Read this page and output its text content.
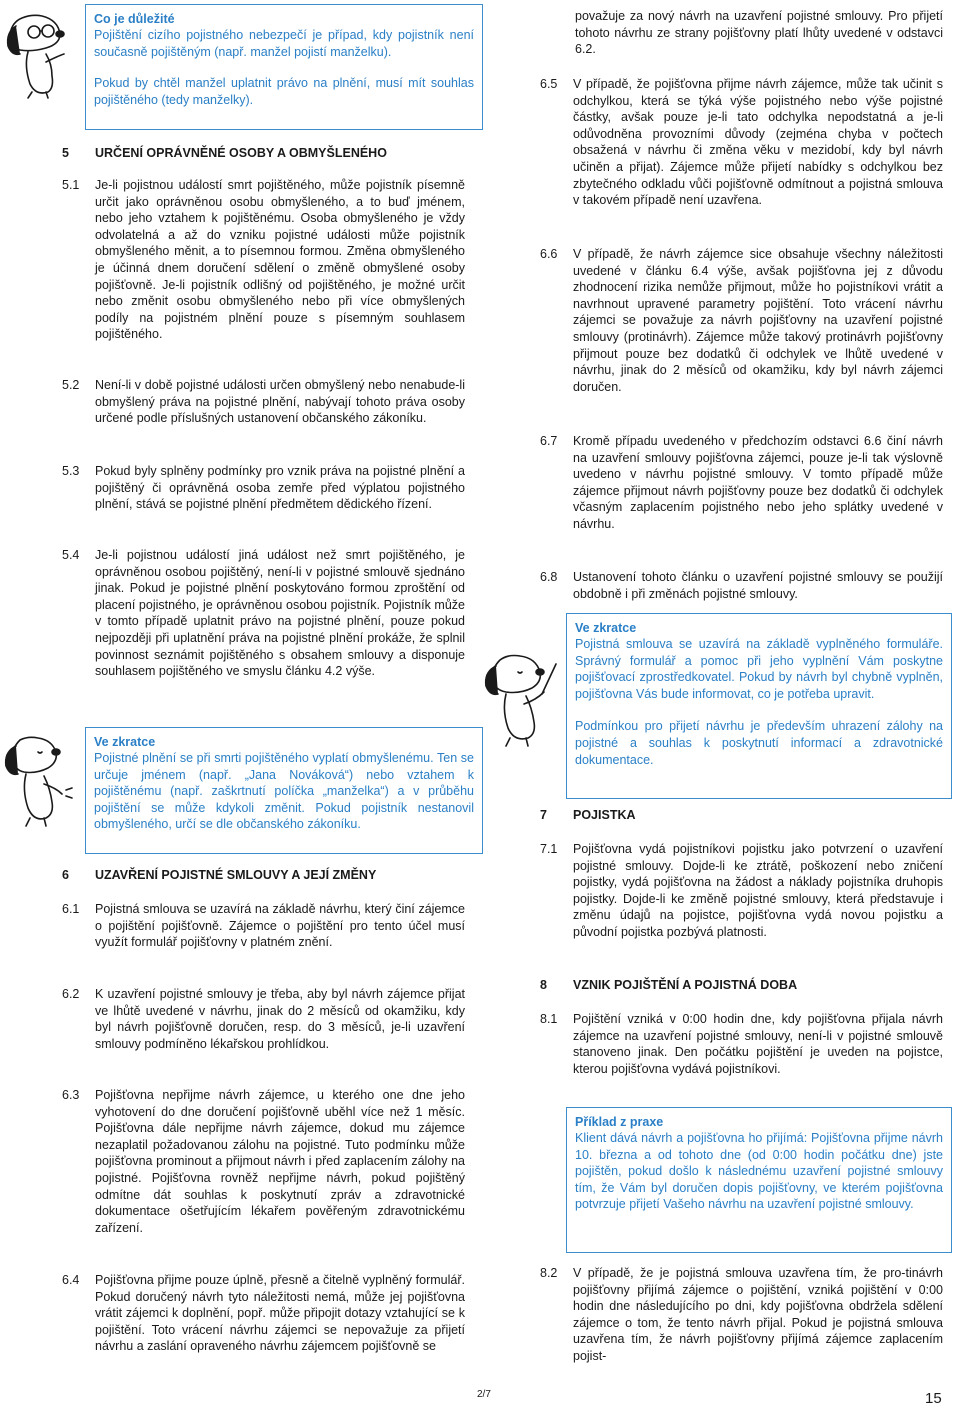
Co je důležité

Pojištění cizího pojistného nebezpečí je případ, kdy pojistník není současně pojištěným (např. manžel pojistí manželku).

Pokud by chtěl manžel uplatnit právo na plnění, musí mít souhlas pojištěného (tedy manželky).

5 URČENÍ OPRÁVNĚNÉ OSOBY A OBMYŠLENÉHO
5.1 Je-li pojistnou událostí smrt pojištěného, může pojistník písemně určit jako oprávněnou osobu obmyšleného, a to buď jménem, nebo jeho vztahem k pojištěnému. Osoba obmyšleného je vždy odvolatelná a až do vzniku pojistné události může pojistník obmyšleného měnit, a to písemnou formou. Změna obmyšleného je účinná dnem doručení sdělení o změně obmyšlené osoby pojišťovně. Je-li pojistník odlišný od pojištěného, je možné určit nebo změnit osobu obmyšleného nebo při více obmyšlených podíly na pojistném plnění pouze s písemným souhlasem pojištěného.
5.2 Není-li v době pojistné události určen obmyšlený nebo nenabude-li obmyšlený práva na pojistné plnění, nabývají tohoto práva osoby určené podle příslušných ustanovení občanského zákoníku.
5.3 Pokud byly splněny podmínky pro vznik práva na pojistné plnění a pojištěný či oprávněná osoba zemře před výplatou pojistného plnění, stává se pojistné plnění předmětem dědického řízení.
5.4 Je-li pojistnou událostí jiná událost než smrt pojištěného, je oprávněnou osobou pojištěný, není-li v pojistné smlouvě sjednáno jinak. Pokud je pojistné plnění poskytováno formou zproštění od placení pojistného, je oprávněnou osobou pojistník. Pojistník může v tomto případě uplatnit právo na pojistné plnění, pouze pokud nejpozději při uplatnění práva na pojistné plnění prokáže, že splnil povinnost seznámit pojištěného s obsahem smlouvy a disponuje souhlasem pojištěného ve smyslu článku 4.2 výše.
Ve zkratce

Pojistné plnění se při smrti pojištěného vyplatí obmyšlenému. Ten se určuje jménem (např. „Jana Nováková“) nebo vztahem k pojištěnému (např. zaškrtnutí políčka „manželka“) a v průběhu pojištění se může kdykoli změnit. Pokud pojistník nestanovil obmyšleného, určí se dle občanského zákoníku.

6 UZAVŘENÍ POJISTNÉ SMLOUVY A JEJÍ ZMĚNY
6.1 Pojistná smlouva se uzavírá na základě návrhu, který činí zájemce o pojištění pojišťovně. Zájemce o pojištění pro tento účel musí využít formulář pojišťovny v platném znění.
6.2 K uzavření pojistné smlouvy je třeba, aby byl návrh zájemce přijat ve lhůtě uvedené v návrhu, jinak do 2 měsíců od okamžiku, kdy byl návrh pojišťovně doručen, resp. do 3 měsíců, je-li uzavření smlouvy podmíněno lékařskou prohlídkou.
6.3 Pojišťovna nepřijme návrh zájemce, u kterého one dne jeho vyhotovení do dne doručení pojišťovně uběhl více než 1 měsíc. Pojišťovna dále nepřijme návrh zájemce, dokud mu zájemce nezaplatil požadovanou zálohu na pojistné. Tuto podmínku může pojišťovna prominout a přijmout návrh i před zaplacením zálohy na pojistné. Pojišťovna rovněž nepřijme návrh, pokud pojištěný odmítne dát souhlas k poskytnutí zpráv a zdravotnické dokumentace ošetřujícím lékařem pověřeným zdravotnickému zařízení.
6.4 Pojišťovna přijme pouze úplně, přesně a čitelně vyplněný formulář. Pokud doručený návrh tyto náležitosti nemá, může jej pojišťovna vrátit zájemci k doplnění, popř. může připojit dotazy vztahující se k pojištění. Toto vrácení návrhu zájemci se nepovažuje za přijetí návrhu a zaslání opraveného návrhu zájemcem pojišťovně se
považuje za nový návrh na uzavření pojistné smlouvy. Pro přijetí tohoto návrhu ze strany pojišťovny platí lhůty uvedené v odstavci 6.2.
6.5 V případě, že pojišťovna přijme návrh zájemce, může tak učinit s odchylkou, která se týká výše pojistného nebo výše pojistné částky, avšak pouze je-li tato odchylka nepodstatná a je-li odůvodněna provozními důvody (zejména chyba v počtech obsažená v návrhu či změna věku v mezidobí, kdy byl návrh učiněn a přijat). Zájemce může přijetí nabídky s odchylkou bez zbytečného odkladu vůči pojišťovně odmítnout a pojistná smlouva v takovém případě není uzavřena.
6.6 V případě, že návrh zájemce sice obsahuje všechny náležitosti uvedené v článku 6.4 výše, avšak pojišťovna jej z důvodu zhodnocení rizika nemůže přijmout, může ho pojistníkovi vrátit a navrhnout upravené parametry pojištění. Toto vrácení návrhu zájemci se považuje za návrh pojišťovny na uzavření pojistné smlouvy (protinávrh). Zájemce může takový protinávrh pojišťovny přijmout pouze bez dodatků či odchylek ve lhůtě uvedené v návrhu, jinak do 2 měsíců od okamžiku, kdy byl návrh zájemci doručen.
6.7 Kromě případu uvedeného v předchozím odstavci 6.6 činí návrh na uzavření smlouvy pojišťovna zájemci, pouze je-li tak výslovně uvedeno v návrhu pojistné smlouvy. V tomto případě může zájemce přijmout návrh pojišťovny pouze bez dodatků či odchylek včasným zaplacením pojistného nebo jeho splátky uvedené v návrhu.
6.8 Ustanovení tohoto článku o uzavření pojistné smlouvy se použijí obdobně i při změnách pojistné smlouvy.
Ve zkratce

Pojistná smlouva se uzavírá na základě vyplněného formuláře. Správný formulář a pomoc při jeho vyplnění Vám poskytne pojišťovací zprostředkovatel. Pokud by návrh byl chybně vyplněn, pojišťovna Vás bude informovat, co je potřeba upravit.

Podmínkou pro přijetí návrhu je především uhrazení zálohy na pojistné a souhlas k poskytnutí informací a zdravotnické dokumentace.

7 POJISTKA
7.1 Pojišťovna vydá pojistníkovi pojistku jako potvrzení o uzavření pojistné smlouvy. Dojde-li ke ztrátě, poškození nebo zničení pojistky, vydá pojišťovna na žádost a náklady pojistníka druhopis pojistky. Dojde-li ke změně pojistné smlouvy, která představuje i změnu údajů na pojistce, pojišťovna vydá novou pojistku a původní pojistka pozbývá platnosti.
8 VZNIK POJIŠTĚNÍ A POJISTNÁ DOBA
8.1 Pojištění vzniká v 0:00 hodin dne, kdy pojišťovna přijala návrh zájemce na uzavření pojistné smlouvy, není-li v pojistné smlouvě stanoveno jinak. Den počátku pojištění je uveden na pojistce, kterou pojišťovna vydává pojistníkovi.
Příklad z praxe

Klient dává návrh a pojišťovna ho přijímá: Pojišťovna přijme návrh 10. března a od tohoto dne (od 0:00 hodin počátku dne) jste pojištěn, pokud došlo k následnému uzavření pojistné smlouvy tím, že Vám byl doručen dopis pojišťovny, ve kterém pojišťovna potvrzuje přijetí Vašeho návrhu na uzavření pojistné smlouvy.

8.2 V případě, že je pojistná smlouva uzavřena tím, že pro-tinávrh pojišťovny přijímá zájemce o pojištění, vzniká pojištění v 0:00 hodin dne následujícího po dni, kdy pojišťovna obdržela sdělení zájemce o tom, že tento návrh přijal. Pokud je pojistná smlouva uzavřena tím, že návrh pojišťovny přijímá zájemce zaplacením pojist-
2/7	15
